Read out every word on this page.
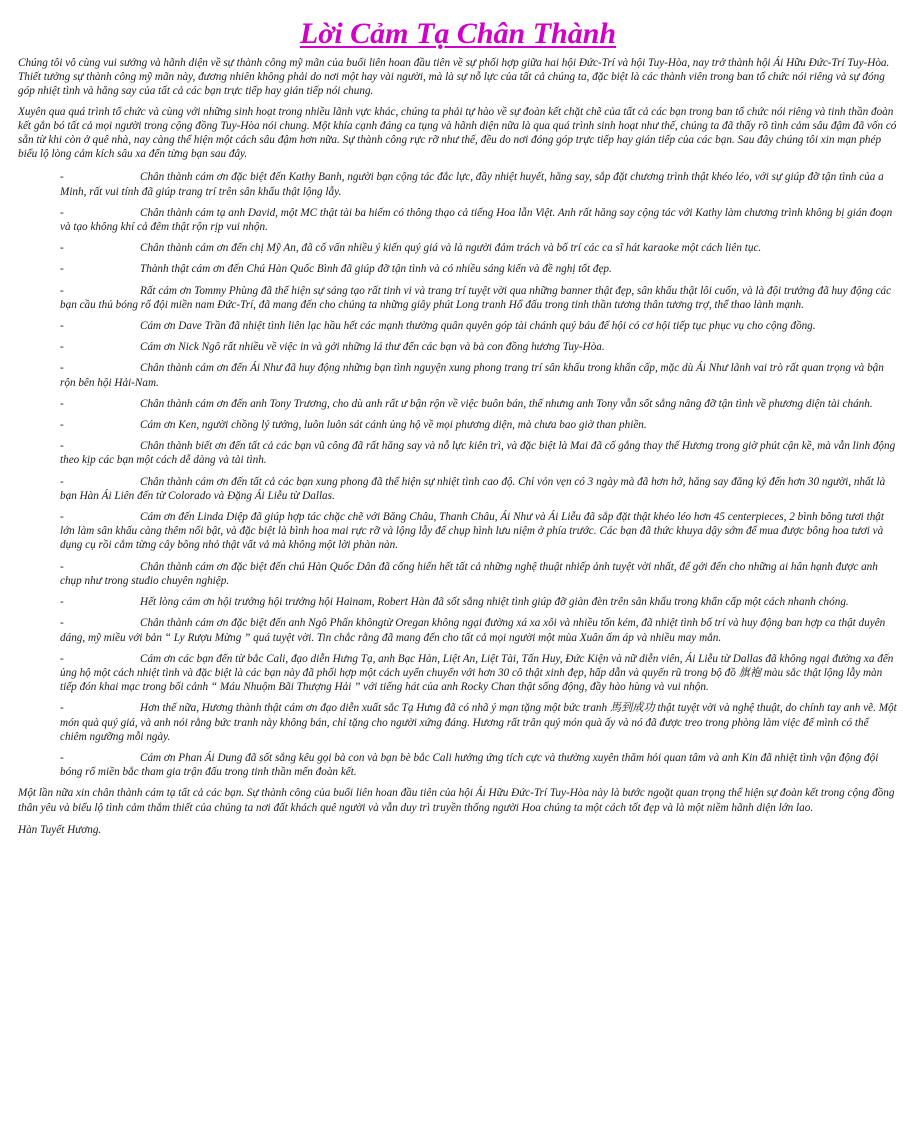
Lời Cảm Tạ Chân Thành

Chúng tôi vô cùng vui sướng và hãnh diện về sự thành công mỹ mãn của buổi liên hoan đầu tiên về sự phối hợp giữa hai hội Đức-Trí và hội Tuy-Hòa, nay trở thành hội Ái Hữu Đức-Trí Tuy-Hòa. Thiết tưởng sự thành công mỹ mãn này, đương nhiên không phải do nơi một hay vài người, mà là sự nỗ lực của tất cả chúng ta, đặc biệt là các thành viên trong ban tổ chức nói riêng và sự đóng góp nhiệt tình và hăng say của tất cả các bạn trực tiếp hay gián tiếp nói chung.

Xuyên qua quá trình tổ chức và cùng với những sinh hoạt trong nhiều lãnh vực khác, chúng ta phải tự hào về sự đoàn kết chặt chẽ của tất cả các bạn trong ban tổ chức nói riêng và tinh thần đoàn kết gắn bó tất cả mọi người trong cộng đồng Tuy-Hòa nói chung. Một khía cạnh đáng ca tụng và hãnh diện nữa là qua quá trình sinh hoạt như thế, chúng ta đã thấy rõ tình cảm sâu đậm đã vốn có sẵn từ khi còn ở quê nhà, nay càng thể hiện một cách sâu đậm hơn nữa. Sự thành công rực rỡ như thế, đều do nơi đóng góp trực tiếp hay gián tiếp của các bạn. Sau đây chúng tôi xin mạn phép biểu lộ lòng cảm kích sâu xa đến từng bạn sau đây.

-	Chân thành cám ơn đặc biệt đến Kathy Banh, người bạn cộng tác đắc lực, đầy nhiệt huyết, hăng say, sắp đặt chương trình thật khéo léo, với sự giúp đỡ tận tình của a Minh, rất vui tính đã giúp trang trí trên sân khấu thật lộng lẫy.
-	Chân thành cám tạ anh David, một MC thật tài ba hiếm có thông thạo cả tiếng Hoa lẫn Việt. Anh rất hăng say cộng tác với Kathy làm chương trình không bị gián đoạn và tạo không khí cả đêm thật rộn rịp vui nhộn.
-	Chân thành cám ơn đến chị Mỹ An, đã cố vấn nhiều ý kiến quý giá và là người đảm trách và bố trí các ca sĩ hát karaoke một cách liên tục.
-	Thành thật cám ơn đến Chú Hàn Quốc Bình đã giúp đỡ tận tình và có nhiều sáng kiến và đề nghị tốt đẹp.
-	Rất cám ơn Tommy Phùng đã thể hiện sự sáng tạo rất tinh vi và trang trí tuyệt vời qua những banner thật đẹp, sân khấu thật lôi cuốn, và là đội trưởng đã huy động các bạn cầu thủ bóng rổ đội miền nam Đức-Trí, đã mang đến cho chúng ta những giây phút Long tranh Hổ đấu trong tinh thần tương thân tương trợ, thể thao lành mạnh.
-	Cám ơn Dave Trần đã nhiệt tình liên lạc hầu hết các mạnh thường quân quyên góp tài chánh quý báu để hội có cơ hội tiếp tục phục vụ cho cộng đồng.
-	Cám ơn Nick Ngô rất nhiều về việc in và gởi những lá thư đến các bạn và bà con đồng hương Tuy-Hòa.
-	Chân thành cám ơn đến Ái Như đã huy động những bạn tình nguyện xung phong trang trí sân khấu trong khẩn cấp, mặc dù Ái Như lãnh vai trò rất quan trọng và bận rộn bên hội Hải-Nam.
-	Chân thành cám ơn đến anh Tony Trương, cho dù anh rất ư bận rộn về việc buôn bán, thế nhưng anh Tony vẫn sốt sắng nâng đỡ tận tình về phương diện tài chánh.
-	Cám ơn Ken, người chồng lý tưởng, luôn luôn sát cánh ủng hộ về mọi phương diện, mà chưa bao giờ than phiền.
-	Chân thành biết ơn đến tất cả các bạn vũ công đã rất hăng say và nỗ lực kiên trì, và đặc biệt là Mai đã cố gắng thay thế Hương trong giờ phút cận kề, mà vẫn linh động theo kịp các bạn một cách dễ dàng và tài tình.
-	Chân thành cám ơn đến tất cả các bạn xung phong đã thể hiện sự nhiệt tình cao độ. Chỉ vỏn vẹn có 3 ngày mà đã hơn hở, hăng say đăng ký đến hơn 30 người, nhất là bạn Hàn Ái Liên đến từ Colorado và Đặng Ái Liễu từ Dallas.
-	Cám ơn đến Linda Diệp đã giúp hợp tác chặc chẽ với Băng Châu, Thanh Châu, Ái Như và Ái Liễu đã sắp đặt thật khéo léo hơn 45 centerpieces, 2 bình bông tươi thật lớn làm sân khấu càng thêm nổi bật, và đặc biệt là bình hoa mai rực rỡ và lộng lẫy để chụp hình lưu niệm ở phía trước. Các bạn đã thức khuya dậy sớm để mua được bông hoa tươi và dụng cụ rồi cắm từng cây bông nhỏ thật vất vả mà không một lời phàn nàn.
-	Chân thành cám ơn đặc biệt đến chú Hàn Quốc Dân đã cống hiến hết tất cả những nghệ thuật nhiếp ảnh tuyệt vời nhất, để gởi đến cho những ai hân hạnh được anh chụp như trong studio chuyên nghiệp.
-	Hết lòng cám ơn hội trưởng hội trưởng hội Hainam, Robert Hàn đã sốt sắng nhiệt tình giúp đỡ giàn đèn trên sân khấu trong khẩn cấp một cách nhanh chóng.
-	Chân thành cám ơn đặc biệt đến anh Ngô Phấn khôngtừ Oregan không ngại đường xá xa xôi và nhiều tốn kém, đã nhiệt tình bố trí và huy động ban hợp ca thật duyên dáng, mỹ miều với bản “ Ly Rượu Mừng ” quá tuyệt vời. Tin chắc rằng đã mang đến cho tất cả mọi người một mùa Xuân ấm áp và nhiều may mắn.
-	Cám ơn các bạn đến từ bắc Cali, đạo diễn Hưng Tạ, anh Bạc Hàn, Liệt An, Liệt Tài, Tấn Huy, Đức Kiện và nữ diễn viên, Ái Liễu từ Dallas đã không ngại đường xa đến ủng hộ một cách nhiệt tình và đặc biệt là các bạn này đã phối hợp một cách uyển chuyển với hơn 30 cô thật xinh đẹp, hấp dẫn và quyến rũ trong bộ đồ 旗袍 màu sắc thật lộng lẫy màn tiếp đón khai mạc trong bối cảnh “ Máu Nhuộm Bãi Thượng Hải ” với tiếng hát của anh Rocky Chan thật sống động, đầy hào hùng và vui nhộn.
-	Hơn thế nữa, Hương thành thật cám ơn đạo diễn xuất sắc Tạ Hưng đã có nhã ý mạn tặng một bức tranh 馬到成功 thật tuyệt vời và nghệ thuật, do chính tay anh vẽ. Một món quà quý giá, và anh nói rằng bức tranh này không bán, chỉ tặng cho người xứng đáng. Hương rất trân quý món quà ấy và nó đã được treo trong phòng làm việc để mình có thể chiêm ngưỡng mỗi ngày.
-	Cám ơn Phan Ái Dung đã sốt sắng kêu gọi bà con và bạn bè bắc Cali hưởng ứng tích cực và thường xuyên thăm hỏi quan tâm và anh Kin đã nhiệt tình vận động đội bóng rổ miền bắc tham gia trận đấu trong tinh thần mến đoàn kết.

Một lần nữa xin chân thành cám tạ tất cả các bạn. Sự thành công của buổi liên hoan đầu tiên của hội Ái Hữu Đức-Trí Tuy-Hòa này là bước ngoặt quan trọng thể hiện sự đoàn kết trong cộng đồng thân yêu và biểu lộ tình cảm thắm thiết của chúng ta nơi đất khách quê người và vẫn duy trì truyền thống người Hoa chúng ta một cách tốt đẹp và là một niềm hãnh diện lớn lao.

Hàn Tuyết Hương.
